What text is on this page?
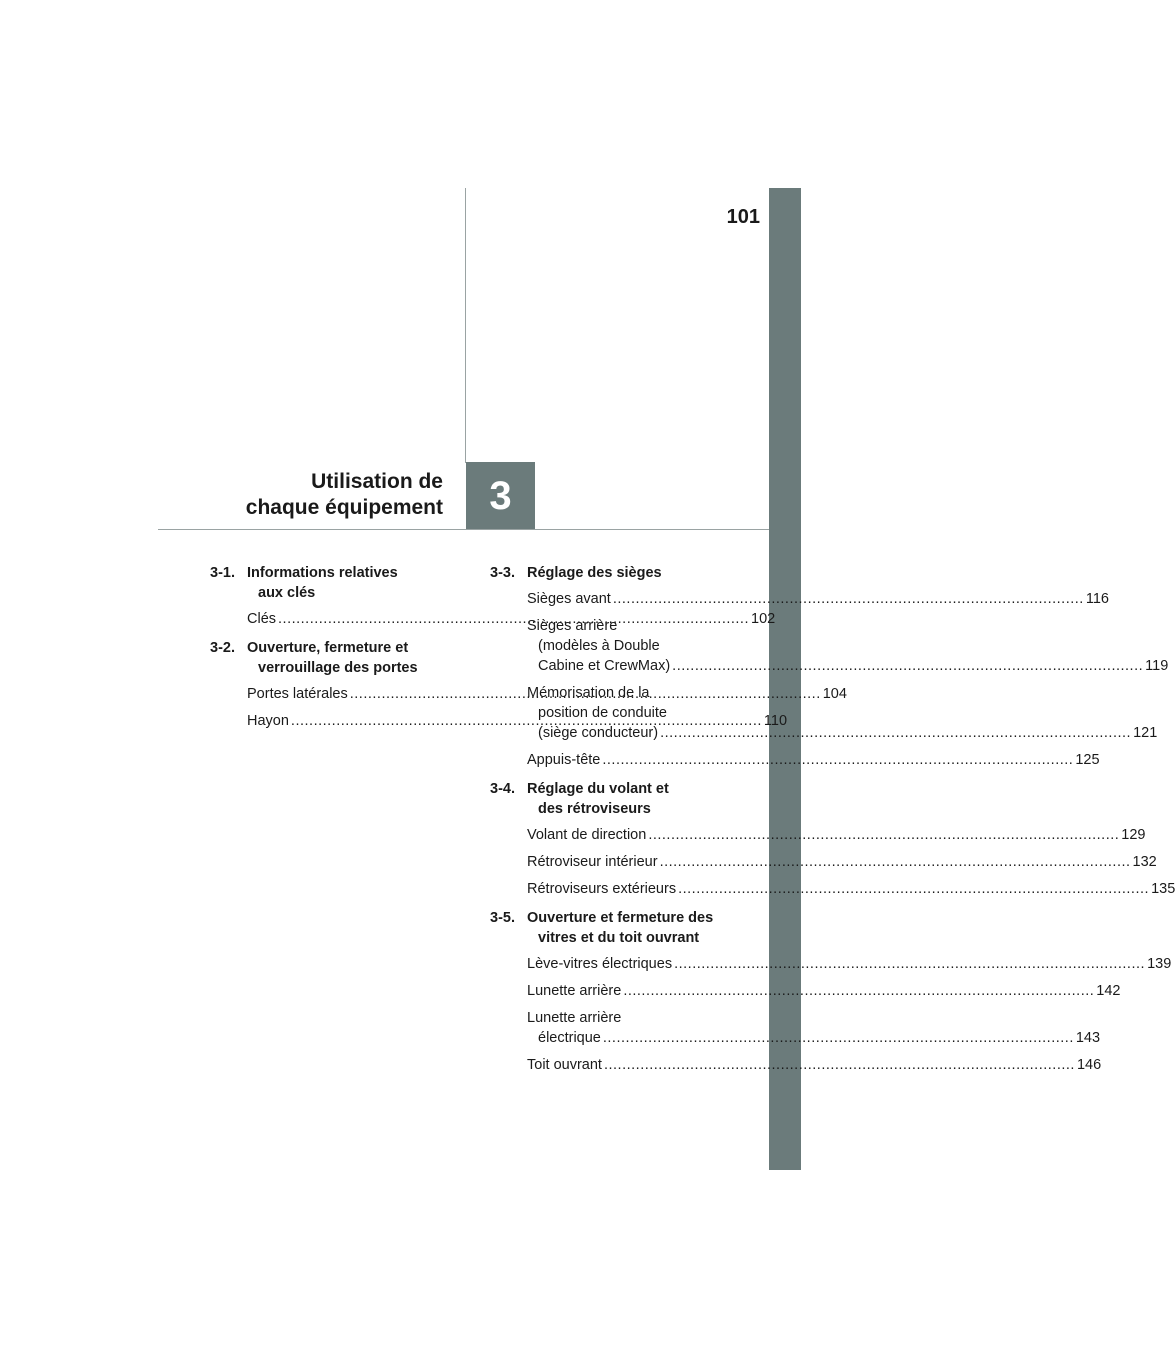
101
Utilisation de
chaque équipement 3
3-1. Informations relatives
aux clés
Clés .....	102
3-2. Ouverture, fermeture et
verrouillage des portes
Portes latérales .....	104
Hayon .....	110
3-3. Réglage des sièges
Sièges avant .....	116
Sièges arrière
(modèles à Double
Cabine et CrewMax) .....	119
Mémorisation de la
position de conduite
(siège conducteur) .....	121
Appuis-tête .....	125
3-4. Réglage du volant et
des rétroviseurs
Volant de direction .....	129
Rétroviseur intérieur .....	132
Rétroviseurs extérieurs .....	135
3-5. Ouverture et fermeture des
vitres et du toit ouvrant
Lève-vitres électriques .....	139
Lunette arrière .....	142
Lunette arrière
électrique .....	143
Toit ouvrant .....	146
